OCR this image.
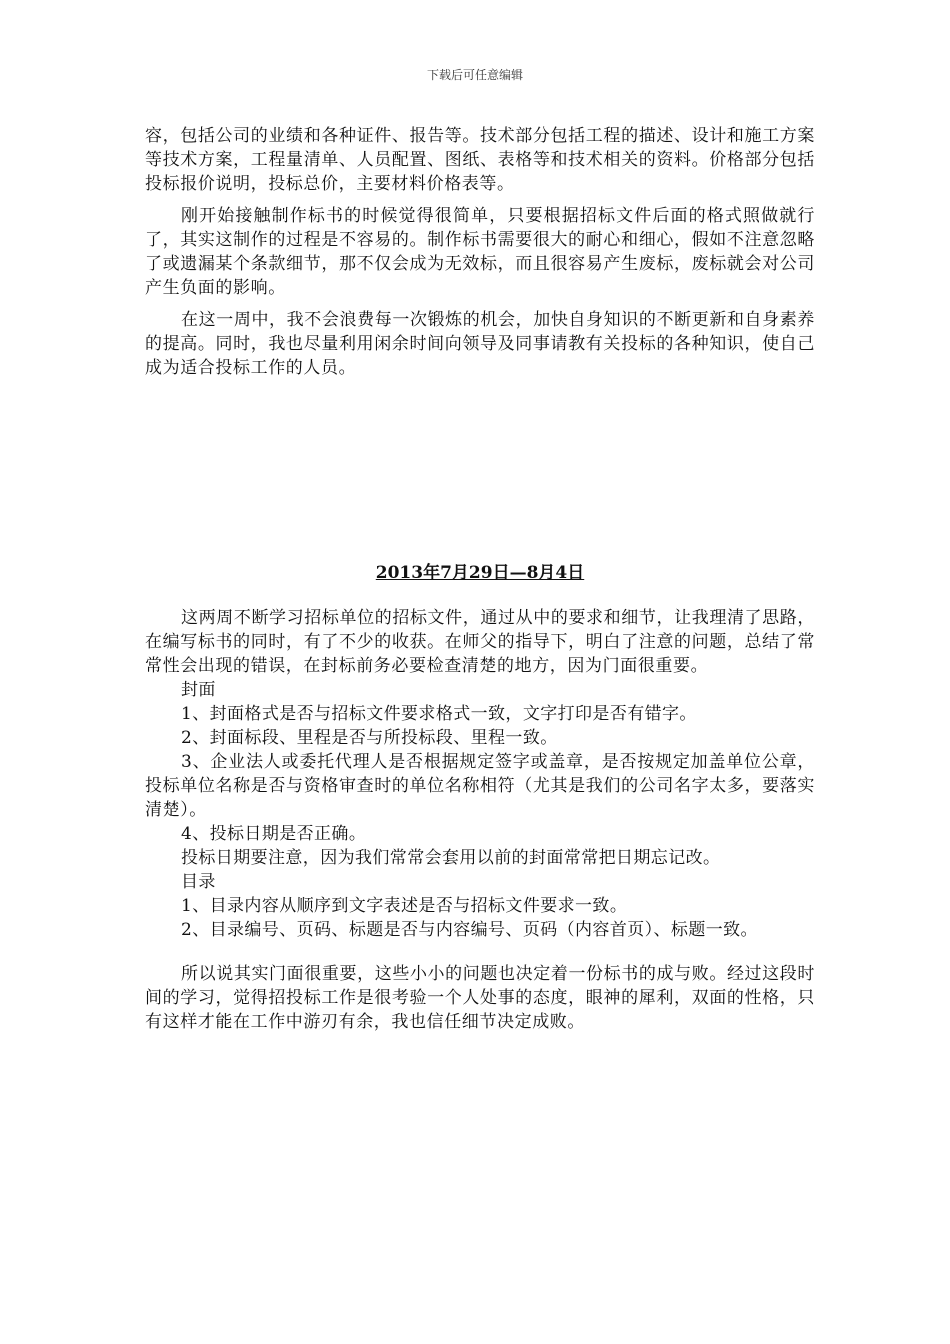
下载后可任意编辑

容，包括公司的业绩和各种证件、报告等。技术部分包括工程的描述、设计和施工方案等技术方案，工程量清单、人员配置、图纸、表格等和技术相关的资料。价格部分包括投标报价说明，投标总价，主要材料价格表等。

刚开始接触制作标书的时候觉得很简单，只要根据招标文件后面的格式照做就行了，其实这制作的过程是不容易的。制作标书需要很大的耐心和细心，假如不注意忽略了或遗漏某个条款细节，那不仅会成为无效标，而且很容易产生废标，废标就会对公司产生负面的影响。

在这一周中，我不会浪费每一次锻炼的机会，加快自身知识的不断更新和自身素养的提高。同时，我也尽量利用闲余时间向领导及同事请教有关投标的各种知识，使自己成为适合投标工作的人员。

2013年7月29日—8月4日

这两周不断学习招标单位的招标文件，通过从中的要求和细节，让我理清了思路，在编写标书的同时，有了不少的收获。在师父的指导下，明白了注意的问题，总结了常常性会出现的错误，在封标前务必要检查清楚的地方，因为门面很重要。

封面

1、封面格式是否与招标文件要求格式一致，文字打印是否有错字。

2、封面标段、里程是否与所投标段、里程一致。

3、企业法人或委托代理人是否根据规定签字或盖章，是否按规定加盖单位公章，投标单位名称是否与资格审查时的单位名称相符（尤其是我们的公司名字太多，要落实清楚）。

4、投标日期是否正确。

投标日期要注意，因为我们常常会套用以前的封面常常把日期忘记改。

目录

1、目录内容从顺序到文字表述是否与招标文件要求一致。

2、目录编号、页码、标题是否与内容编号、页码（内容首页）、标题一致。

所以说其实门面很重要，这些小小的问题也决定着一份标书的成与败。经过这段时间的学习，觉得招投标工作是很考验一个人处事的态度，眼神的犀利，双面的性格，只有这样才能在工作中游刃有余，我也信任细节决定成败。
